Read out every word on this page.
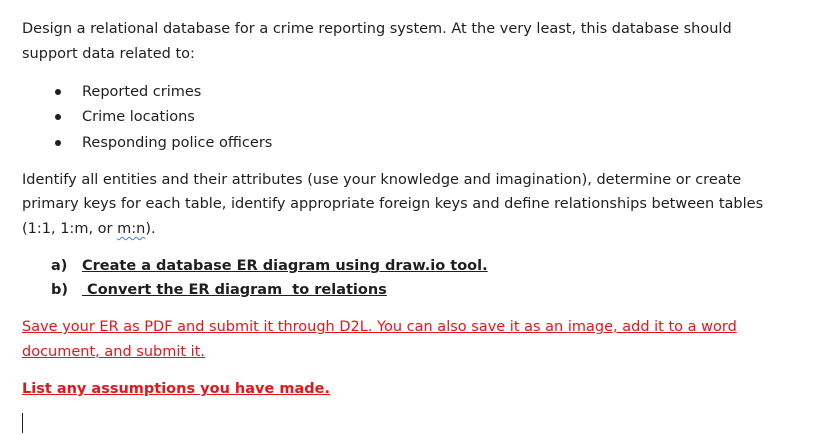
Design a relational database for a crime reporting system. At the very least, this database should

support data related to:

Reported crimes
Crime locations
Responding police officers

Identify all entities and their attributes (use your knowledge and imagination), determine or create

primary keys for each table, identify appropriate foreign keys and define relationships between tables

(1:1, 1:m, or m:n).

a) Create a database ER diagram using draw.io tool.
b) Convert the ER diagram  to relations

Save your ER as PDF and submit it through D2L. You can also save it as an image, add it to a word

document, and submit it.

List any assumptions you have made.
